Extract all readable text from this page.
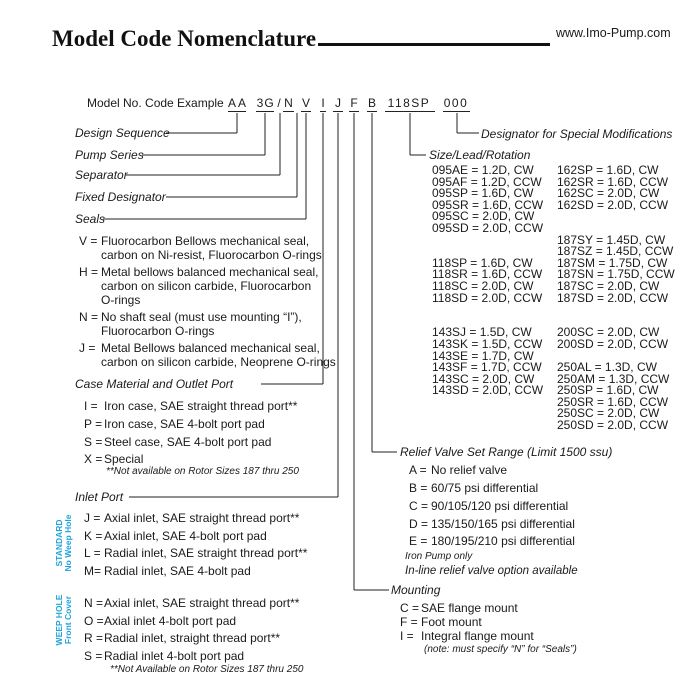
Model Code Nomenclature	www.Imo-Pump.com
Model No. Code Example A A 3 G / N V I J F B 118SP	000
Design Sequence
Pump Series
Separator
Fixed Designator
Seals
V = Fluorocarbon Bellows mechanical seal,
carbon on Ni-resist, Fluorocarbon O-rings
H = Metal bellows balanced mechanical seal,
carbon on silicon carbide, Fluorocarbon
O-rings
N = No shaft seal (must use mounting “I”),
Fluorocarbon O-rings
J = Metal Bellows balanced mechanical seal,
carbon on silicon carbide, Neoprene O-rings
Case Material and Outlet Port
I = Iron case, SAE straight thread port**
P = Iron case, SAE 4-bolt port pad
S = Steel case, SAE 4-bolt port pad
X = Special
**Not available on Rotor Sizes 187 thru 250
Inlet Port
STANDARD No Weep Hole J = Axial inlet, SAE straight thread port**
K = Axial inlet, SAE 4-bolt port pad
L = Radial inlet, SAE straight thread port**
M= Radial inlet, SAE 4-bolt pad
WEEP HOLE Front Cover N = Axial inlet, SAE straight thread port**
O = Axial inlet 4-bolt port pad
R = Radial inlet, straight thread port**
S = Radial inlet 4-bolt port pad
**Not Available on Rotor Sizes 187 thru 250
Designator for Special Modifications
Size/Lead/Rotation
095AE = 1.2D, CW
095AF = 1.2D, CCW
095SP = 1.6D, CW
095SR = 1.6D, CCW
095SC = 2.0D, CW
095SD = 2.0D, CCW
118SP = 1.6D, CW
118SR = 1.6D, CCW
118SC = 2.0D, CW
118SD = 2.0D, CCW
143SJ = 1.5D, CW
143SK = 1.5D, CCW
143SE = 1.7D, CW
143SF = 1.7D, CCW
143SC = 2.0D, CW
143SD = 2.0D, CCW
162SP = 1.6D, CW
162SR = 1.6D, CCW
162SC = 2.0D, CW
162SD = 2.0D, CCW
187SY = 1.45D, CW
187SZ = 1.45D, CCW
187SM = 1.75D, CW
187SN = 1.75D, CCW
187SC = 2.0D, CW
187SD = 2.0D, CCW
200SC = 2.0D, CW
200SD = 2.0D, CCW
250AL = 1.3D, CW
250AM = 1.3D, CCW
250SP = 1.6D, CW
250SR = 1.6D, CCW
250SC = 2.0D, CW
250SD = 2.0D, CCW
Relief Valve Set Range (Limit 1500 ssu)
A = No relief valve
B = 60/75 psi differential
C = 90/105/120 psi differential
D = 135/150/165 psi differential
E = 180/195/210 psi differential
Iron Pump only
In-line relief valve option available
Mounting
C = SAE flange mount
F = Foot mount
I = Integral flange mount
(note: must specify “N” for “Seals”)
